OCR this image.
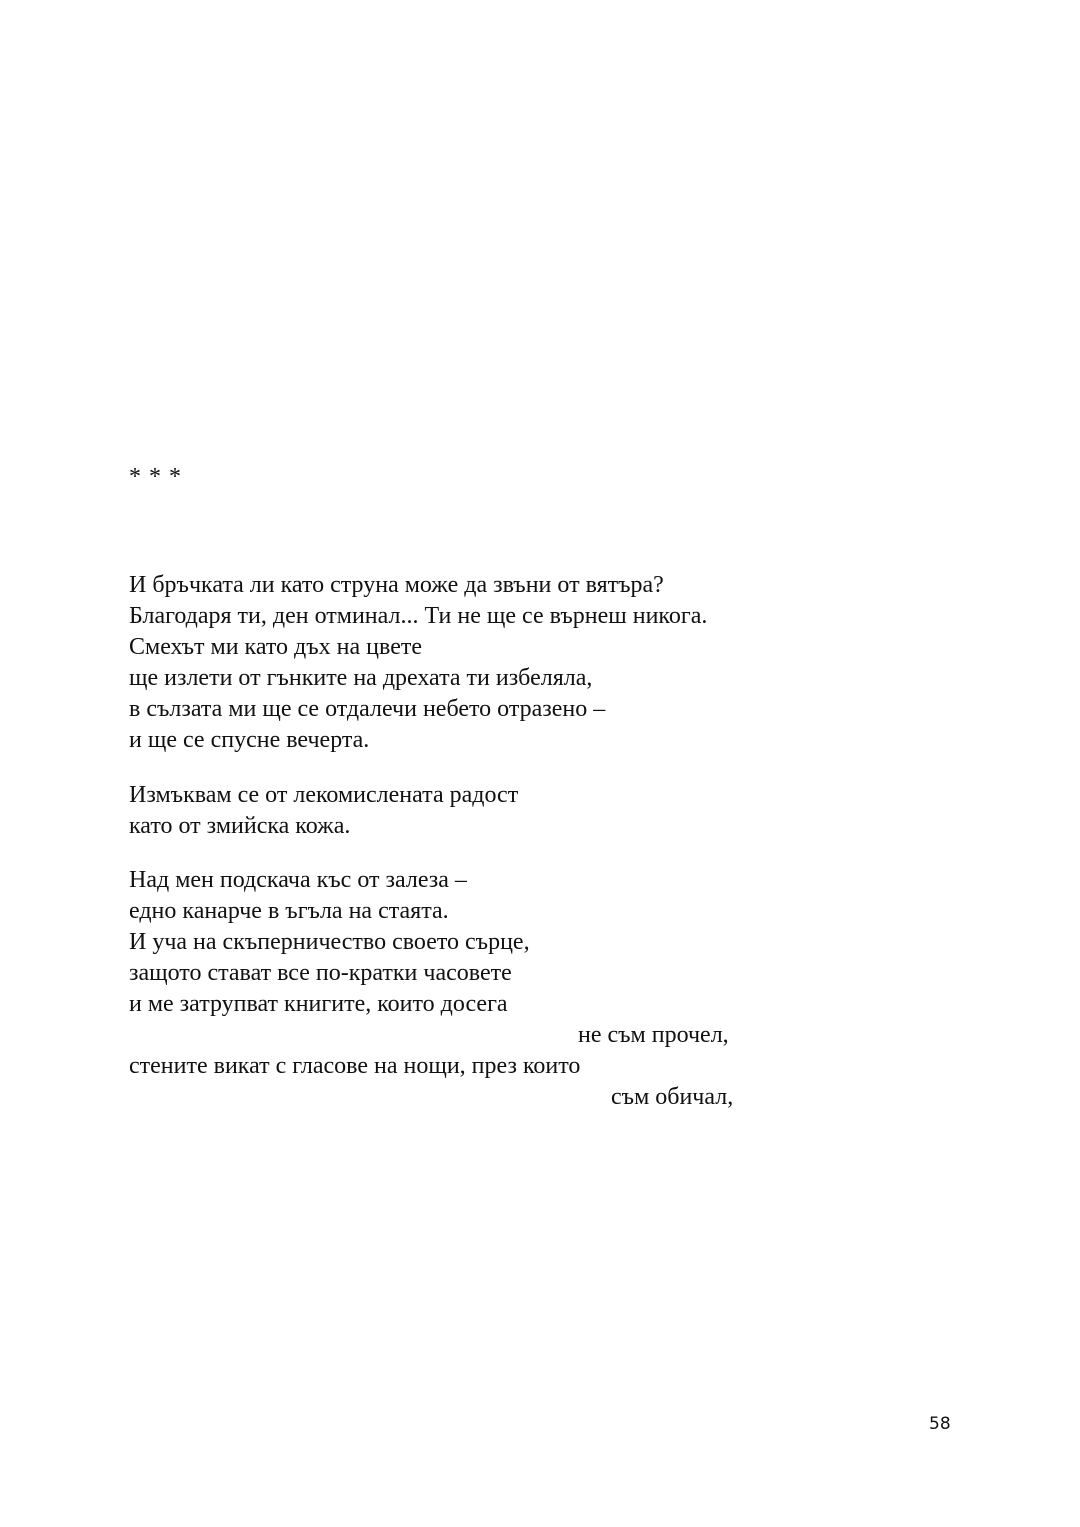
* * *
И бръчката ли като струна може да звъни от вятъра?
Благодаря ти, ден отминал... Ти не ще се върнеш никога.
Смехът ми като дъх на цвете
ще излети от гънките на дрехата ти избеляла,
в сълзата ми ще се отдалечи небето отразено –
и ще се спусне вечерта.
Измъквам се от лекомислената радост
като от змийска кожа.
Над мен подскача къс от залеза –
едно канарче в ъгъла на стаята.
И уча на скъперничество своето сърце,
защото стават все по-кратки часовете
и ме затрупват книгите, които досега
не съм прочел,
стените викат с гласове на нощи, през които
съм обичал,
58
